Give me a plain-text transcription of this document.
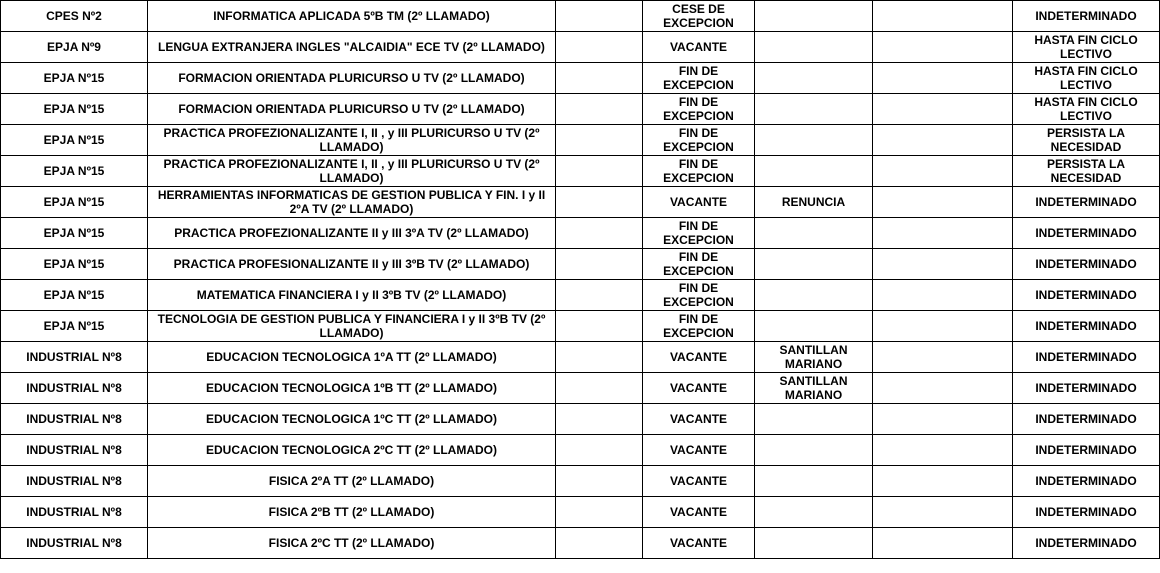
CPES Nº2	INFORMATICA APLICADA 5ºB TM (2º LLAMADO)		CESE DE EXCEPCION			INDETERMINADO
EPJA Nº9	LENGUA EXTRANJERA INGLES "ALCAIDIA" ECE TV (2º LLAMADO)		VACANTE			HASTA FIN CICLO LECTIVO
EPJA Nº15	FORMACION ORIENTADA PLURICURSO U TV (2º LLAMADO)		FIN DE EXCEPCION			HASTA FIN CICLO LECTIVO
EPJA Nº15	FORMACION ORIENTADA PLURICURSO U TV (2º LLAMADO)		FIN DE EXCEPCION			HASTA FIN CICLO LECTIVO
EPJA Nº15	PRACTICA PROFEZIONALIZANTE I, II , y III PLURICURSO U TV (2º LLAMADO)		FIN DE EXCEPCION			PERSISTA LA NECESIDAD
EPJA Nº15	PRACTICA PROFEZIONALIZANTE I, II , y III PLURICURSO U TV (2º LLAMADO)		FIN DE EXCEPCION			PERSISTA LA NECESIDAD
EPJA Nº15	HERRAMIENTAS INFORMATICAS DE GESTION PUBLICA Y FIN. I y II 2ºA TV (2º LLAMADO)		VACANTE	RENUNCIA		INDETERMINADO
EPJA Nº15	PRACTICA PROFEZIONALIZANTE II y III 3ºA TV (2º LLAMADO)		FIN DE EXCEPCION			INDETERMINADO
EPJA Nº15	PRACTICA PROFESIONALIZANTE II y III 3ºB TV (2º LLAMADO)		FIN DE EXCEPCION			INDETERMINADO
EPJA Nº15	MATEMATICA FINANCIERA I y II 3ºB TV (2º LLAMADO)		FIN DE EXCEPCION			INDETERMINADO
EPJA Nº15	TECNOLOGIA DE GESTION PUBLICA Y FINANCIERA I y II 3ºB TV (2º LLAMADO)		FIN DE EXCEPCION			INDETERMINADO
INDUSTRIAL Nº8	EDUCACION TECNOLOGICA 1ºA TT (2º LLAMADO)		VACANTE	SANTILLAN MARIANO		INDETERMINADO
INDUSTRIAL Nº8	EDUCACION TECNOLOGICA 1ºB TT (2º LLAMADO)		VACANTE	SANTILLAN MARIANO		INDETERMINADO
INDUSTRIAL Nº8	EDUCACION TECNOLOGICA 1ºC TT (2º LLAMADO)		VACANTE			INDETERMINADO
INDUSTRIAL Nº8	EDUCACION TECNOLOGICA 2ºC TT (2º LLAMADO)		VACANTE			INDETERMINADO
INDUSTRIAL Nº8	FISICA 2ºA TT (2º LLAMADO)		VACANTE			INDETERMINADO
INDUSTRIAL Nº8	FISICA 2ºB TT (2º LLAMADO)		VACANTE			INDETERMINADO
INDUSTRIAL Nº8	FISICA 2ºC TT (2º LLAMADO)		VACANTE			INDETERMINADO
